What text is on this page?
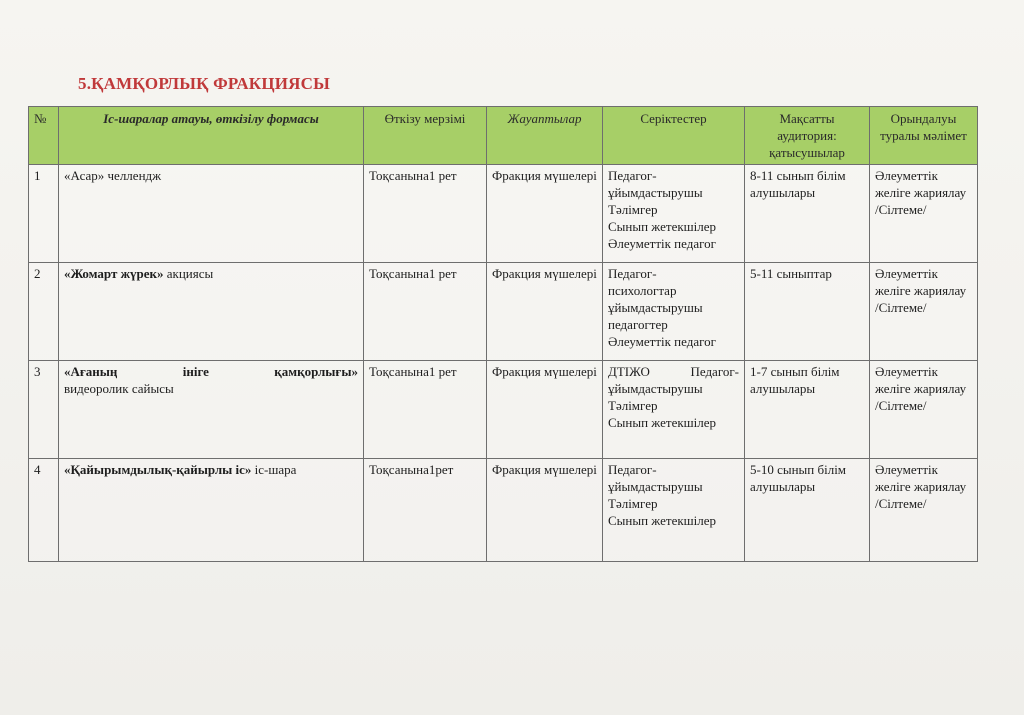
5.ҚАМҚОРЛЫҚ ФРАКЦИЯСЫ
№	Іс-шаралар атауы, өткізілу формасы	Өткізу мерзімі	Жауаптылар	Серіктестер	Мақсатты аудитория: қатысушылар	Орындалуы туралы мәлімет
1	«Асар» челлендж	Тоқсанына1 рет	Фракция мүшелері	Педагог-
ұйымдастырушы
Тәлімгер
Сынып жетекшілер
Әлеуметтік педагог	8-11 сынып білім алушылары	Әлеуметтік желіге жариялау /Сілтеме/
2	«Жомарт жүрек» акциясы	Тоқсанына1 рет	Фракция мүшелері	Педагог-
психологтар
ұйымдастырушы
педагогтер
Әлеуметтік педагог	5-11 сыныптар	Әлеуметтік желіге жариялау /Сілтеме/
3	«Ағаның ініге қамқорлығы»
видеоролик сайысы	Тоқсанына1 рет	Фракция мүшелері	ДТІЖО Педагог-
ұйымдастырушы
Тәлімгер
Сынып жетекшілер	1-7 сынып білім алушылары	Әлеуметтік желіге жариялау /Сілтеме/
4	«Қайырымдылық-қайырлы іс» іс-шара	Тоқсанына1рет	Фракция мүшелері	Педагог-
ұйымдастырушы
Тәлімгер
Сынып жетекшілер	5-10 сынып білім алушылары	Әлеуметтік желіге жариялау /Сілтеме/
